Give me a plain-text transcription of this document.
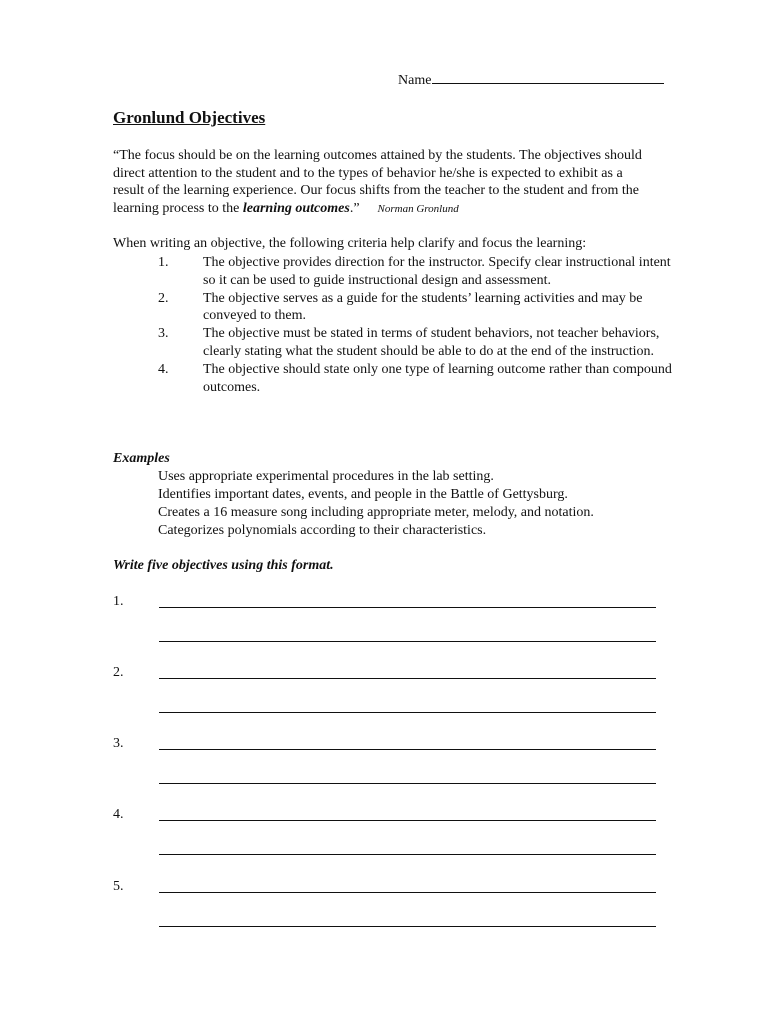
Name
Gronlund Objectives
“The focus should be on the learning outcomes attained by the students. The objectives should direct attention to the student and to the types of behavior he/she is expected to exhibit as a result of the learning experience. Our focus shifts from the teacher to the student and from the learning process to the learning outcomes.” Norman Gronlund
When writing an objective, the following criteria help clarify and focus the learning:
1. The objective provides direction for the instructor. Specify clear instructional intent so it can be used to guide instructional design and assessment.
2. The objective serves as a guide for the students’ learning activities and may be conveyed to them.
3. The objective must be stated in terms of student behaviors, not teacher behaviors, clearly stating what the student should be able to do at the end of the instruction.
4. The objective should state only one type of learning outcome rather than compound outcomes.
Examples
Uses appropriate experimental procedures in the lab setting.
Identifies important dates, events, and people in the Battle of Gettysburg.
Creates a 16 measure song including appropriate meter, melody, and notation.
Categorizes polynomials according to their characteristics.
Write five objectives using this format.
1.
2.
3.
4.
5.
